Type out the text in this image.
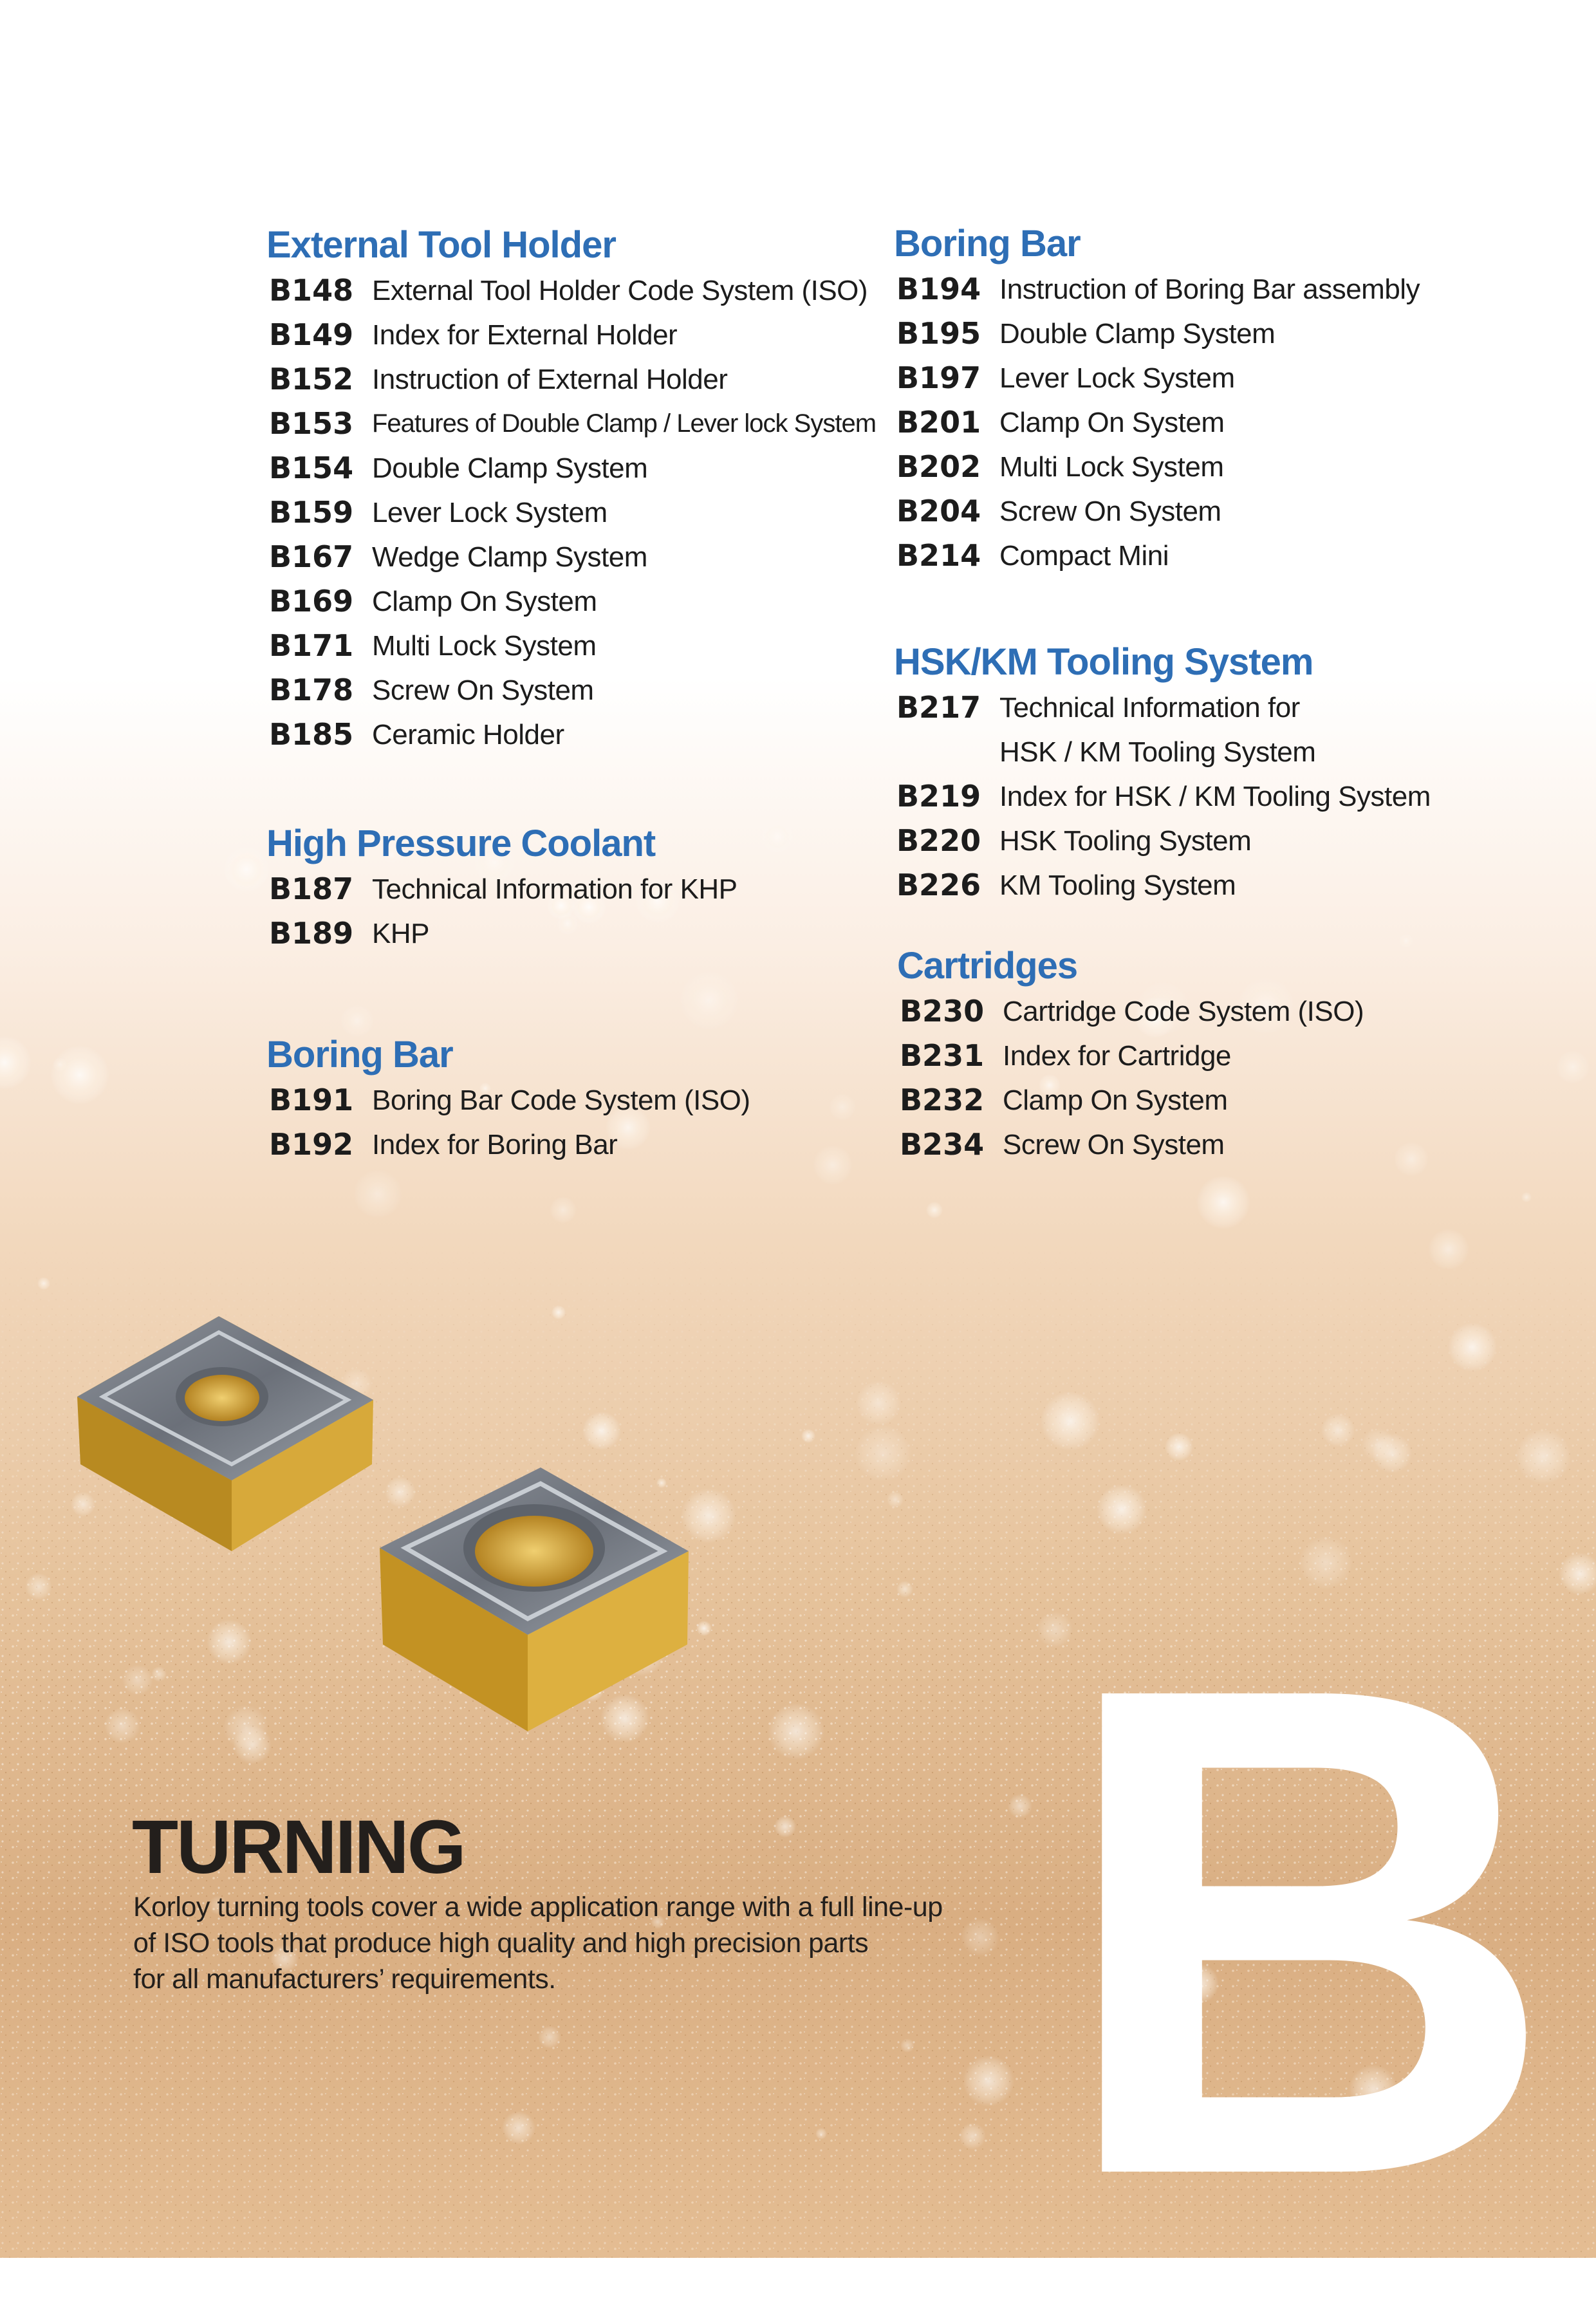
External Tool Holder
B148 External Tool Holder Code System (ISO)
B149 Index for External Holder
B152 Instruction of External Holder
B153 Features of Double Clamp / Lever lock System
B154 Double Clamp System
B159 Lever Lock System
B167 Wedge Clamp System
B169 Clamp On System
B171 Multi Lock System
B178 Screw On System
B185 Ceramic Holder
High Pressure Coolant
B187 Technical Information for KHP
B189 KHP
Boring Bar
B191 Boring Bar Code System (ISO)
B192 Index for Boring Bar
Boring Bar
B194 Instruction of Boring Bar assembly
B195 Double Clamp System
B197 Lever Lock System
B201 Clamp On System
B202 Multi Lock System
B204 Screw On System
B214 Compact Mini
HSK/KM Tooling System
B217 Technical Information for
HSK / KM Tooling System
B219 Index for HSK / KM Tooling System
B220 HSK Tooling System
B226 KM Tooling System
Cartridges
B230 Cartridge Code System (ISO)
B231 Index for Cartridge
B232 Clamp On System
B234 Screw On System
TURNING
Korloy turning tools cover a wide application range with a full line-up
of ISO tools that produce high quality and high precision parts
for all manufacturers’ requirements. B
